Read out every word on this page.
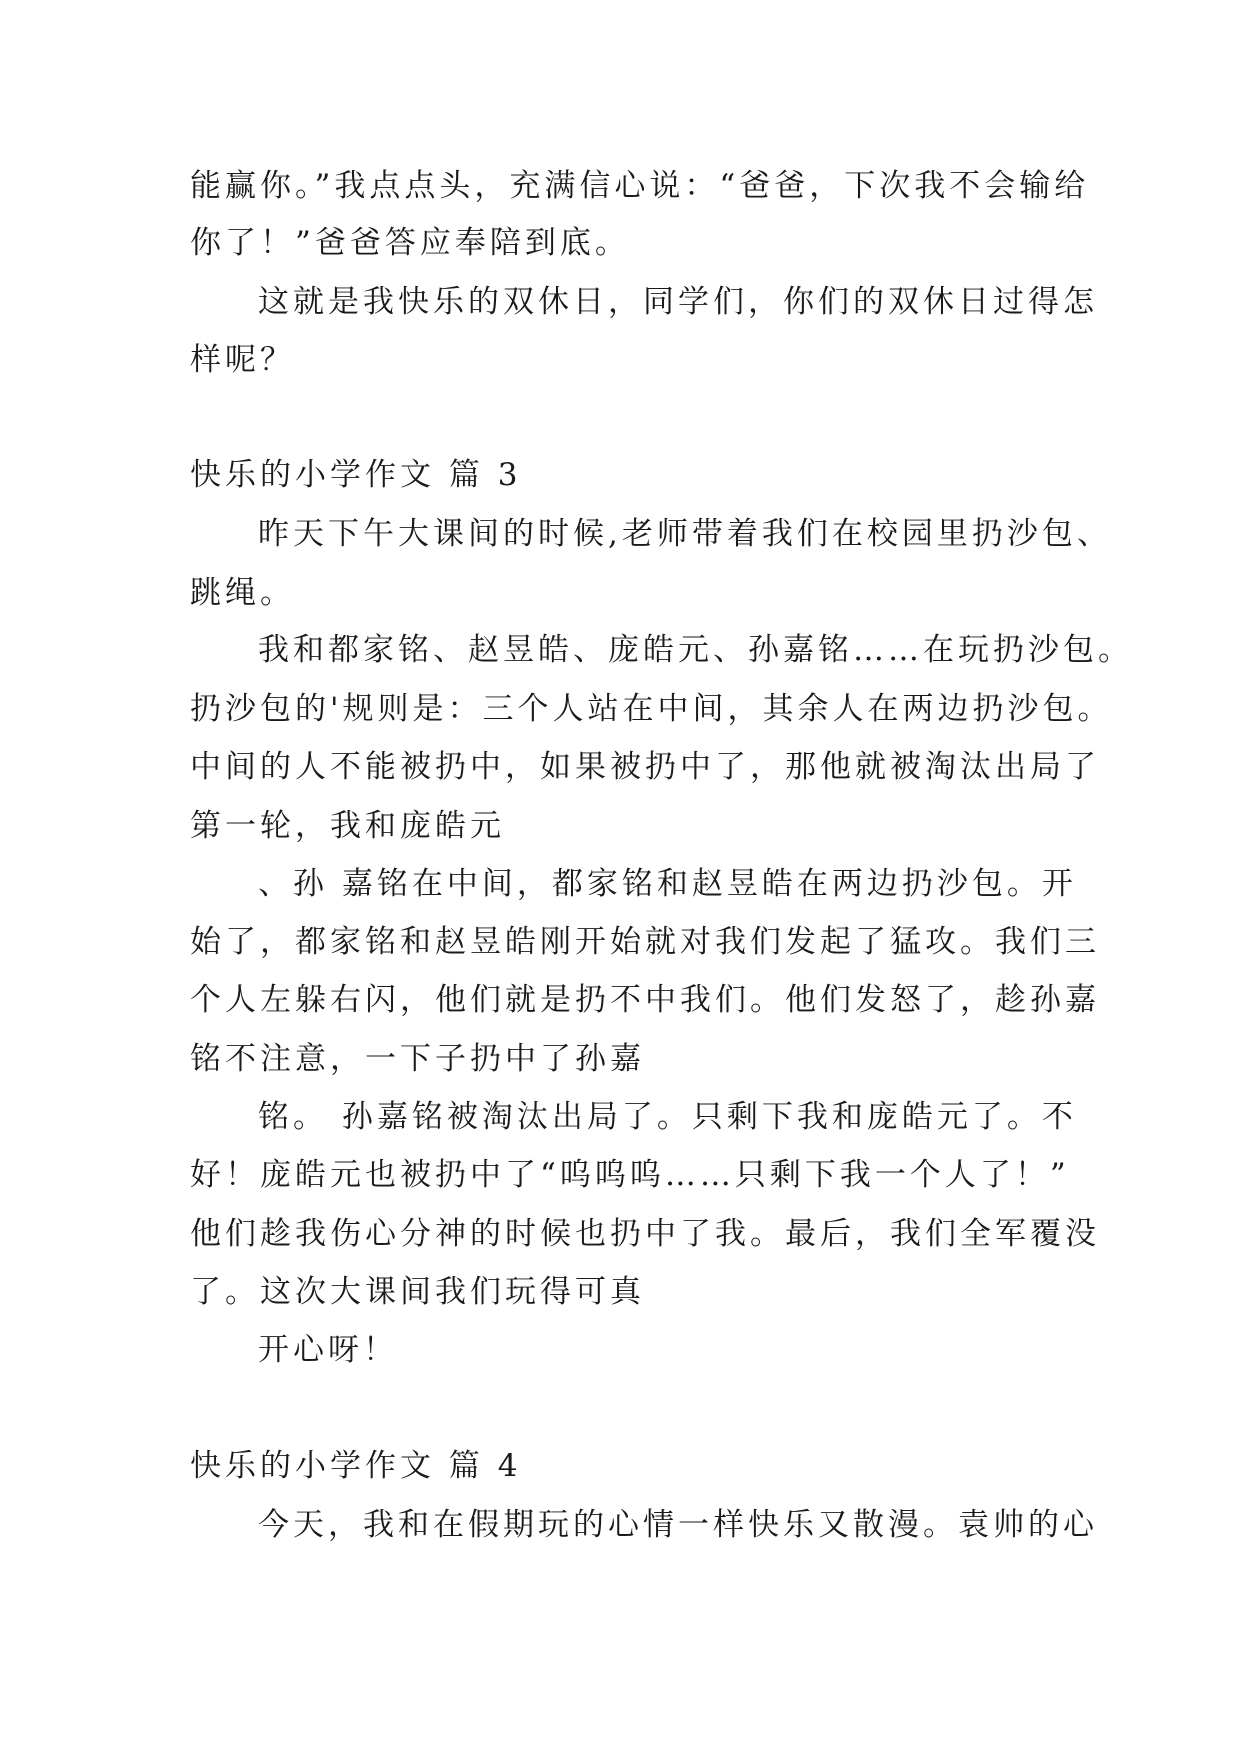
能赢你。”我点点头，充满信心说：“爸爸，下次我不会输给
你了！”爸爸答应奉陪到底。
这就是我快乐的双休日，同学们，你们的双休日过得怎
样呢？
快乐的小学作文 篇 3
昨天下午大课间的时候,老师带着我们在校园里扔沙包、
跳绳。
我和都家铭、赵昱皓、庞皓元、孙嘉铭……在玩扔沙包。
扔沙包的'规则是：三个人站在中间，其余人在两边扔沙包。
中间的人不能被扔中，如果被扔中了，那他就被淘汰出局了
第一轮，我和庞皓元
、孙 嘉铭在中间，都家铭和赵昱皓在两边扔沙包。开
始了，都家铭和赵昱皓刚开始就对我们发起了猛攻。我们三
个人左躲右闪，他们就是扔不中我们。他们发怒了，趁孙嘉
铭不注意，一下子扔中了孙嘉
铭。 孙嘉铭被淘汰出局了。只剩下我和庞皓元了。不
好！庞皓元也被扔中了“呜呜呜……只剩下我一个人了！”
他们趁我伤心分神的时候也扔中了我。最后，我们全军覆没
了。这次大课间我们玩得可真
开心呀！
快乐的小学作文 篇 4
今天，我和在假期玩的心情一样快乐又散漫。袁帅的心
